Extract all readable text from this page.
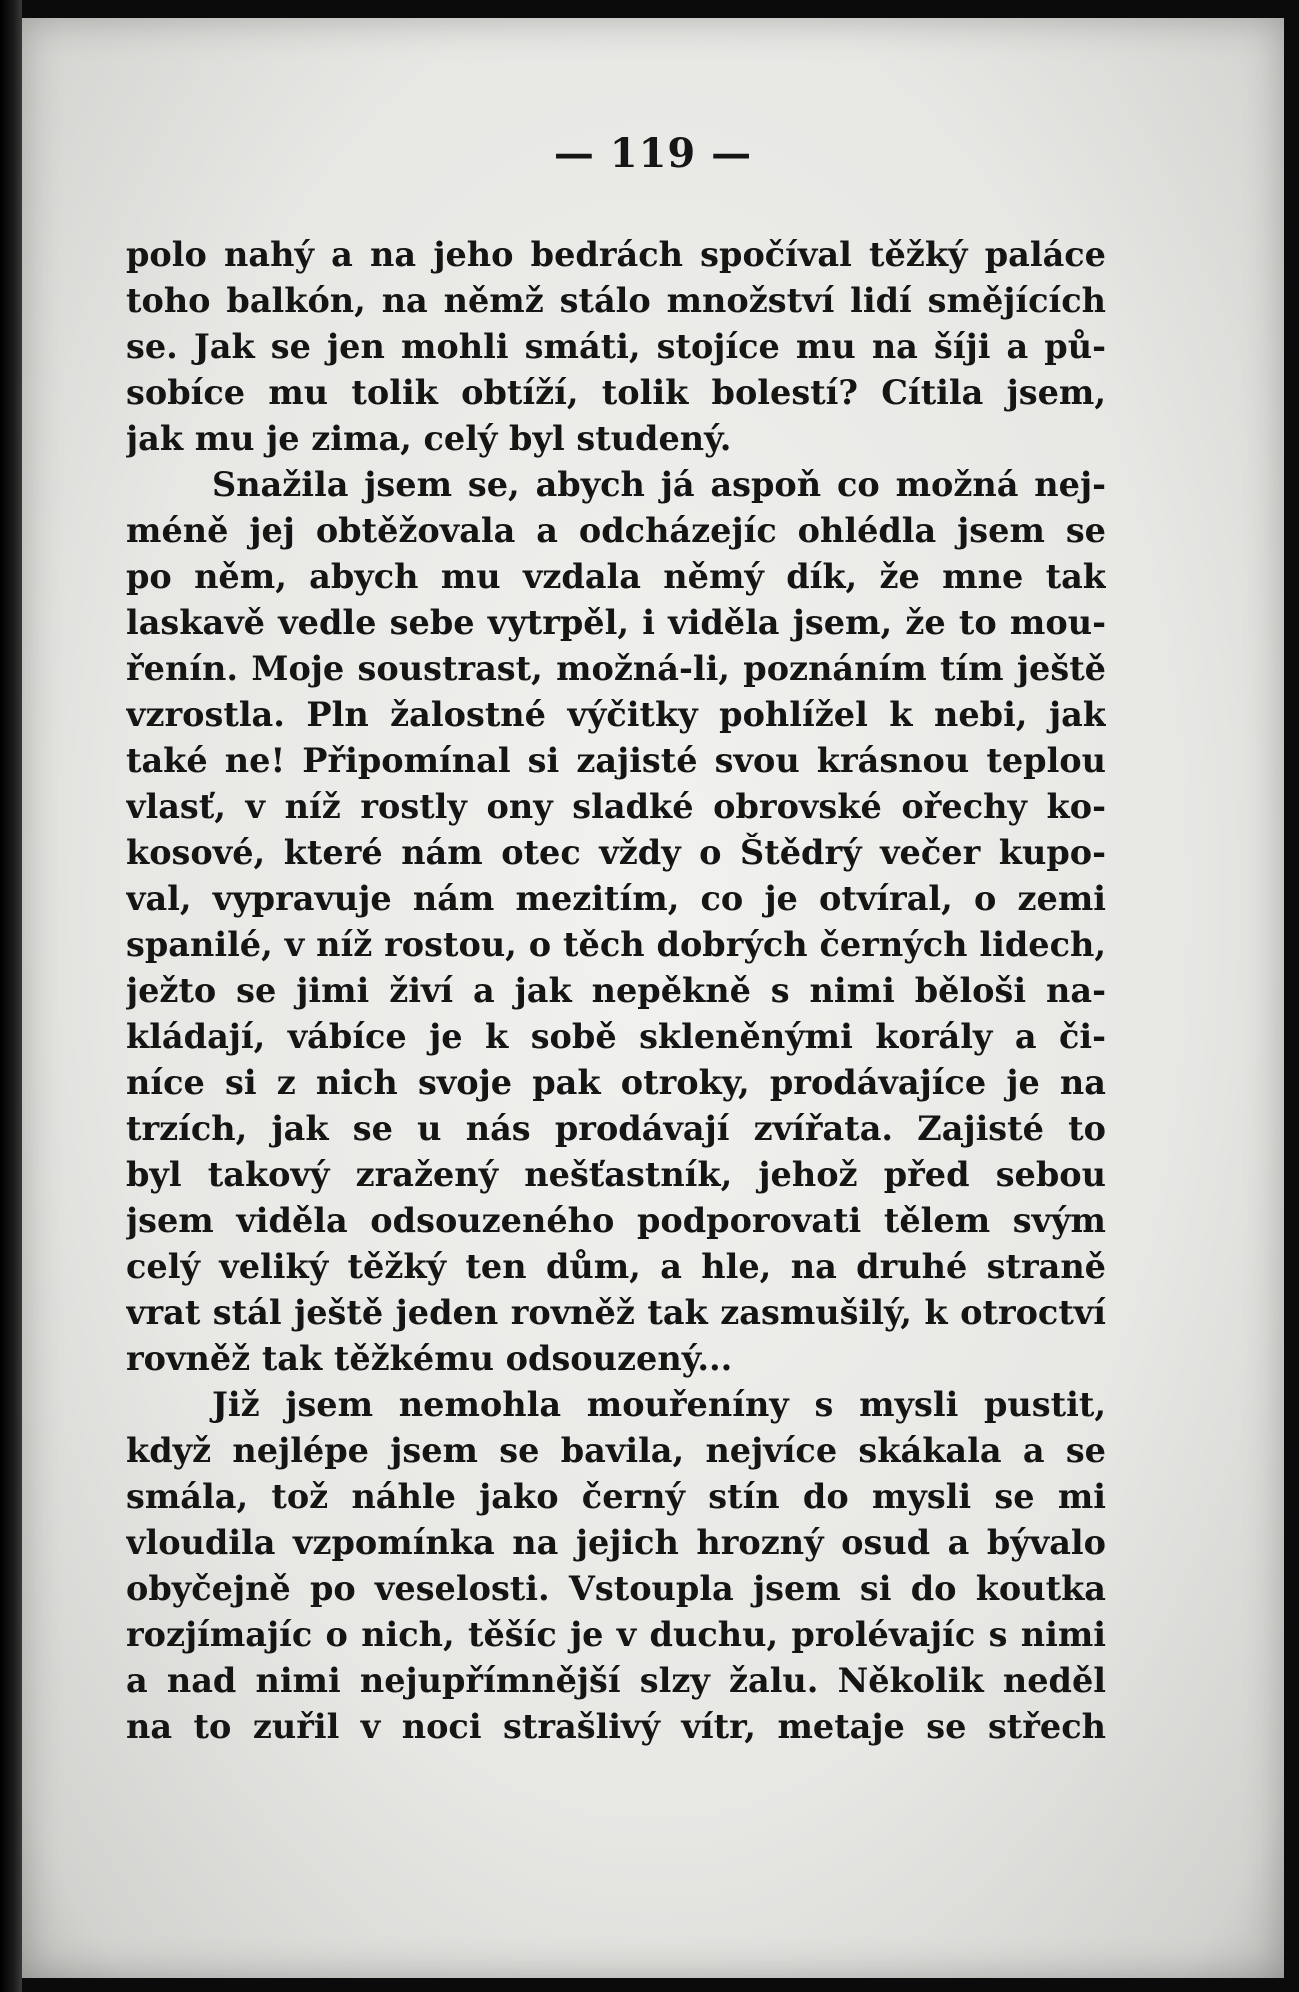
— 119 —
polo nahý a na jeho bedrách spočíval těžký paláce
toho balkón, na němž stálo množství lidí smějících
se. Jak se jen mohli smáti, stojíce mu na šíji a pů-
sobíce mu tolik obtíží, tolik bolestí? Cítila jsem,
jak mu je zima, celý byl studený.
Snažila jsem se, abych já aspoň co možná nej-
méně jej obtěžovala a odcházejíc ohlédla jsem se
po něm, abych mu vzdala němý dík, že mne tak
laskavě vedle sebe vytrpěl, i viděla jsem, že to mou-
řenín. Moje soustrast, možná-li, poznáním tím ještě
vzrostla. Pln žalostné výčitky pohlížel k nebi, jak
také ne! Připomínal si zajisté svou krásnou teplou
vlasť, v níž rostly ony sladké obrovské ořechy ko-
kosové, které nám otec vždy o Štědrý večer kupo-
val, vypravuje nám mezitím, co je otvíral, o zemi
spanilé, v níž rostou, o těch dobrých černých lidech,
ježto se jimi živí a jak nepěkně s nimi běloši na-
kládají, vábíce je k sobě skleněnými korály a či-
níce si z nich svoje pak otroky, prodávajíce je na
trzích, jak se u nás prodávají zvířata. Zajisté to
byl takový zražený nešťastník, jehož před sebou
jsem viděla odsouzeného podporovati tělem svým
celý veliký těžký ten dům, a hle, na druhé straně
vrat stál ještě jeden rovněž tak zasmušilý, k otroctví
rovněž tak těžkému odsouzený...
Již jsem nemohla mouřeníny s mysli pustit,
když nejlépe jsem se bavila, nejvíce skákala a se
smála, tož náhle jako černý stín do mysli se mi
vloudila vzpomínka na jejich hrozný osud a bývalo
obyčejně po veselosti. Vstoupla jsem si do koutka
rozjímajíc o nich, těšíc je v duchu, prolévajíc s nimi
a nad nimi nejupřímnější slzy žalu. Několik neděl
na to zuřil v noci strašlivý vítr, metaje se střech
